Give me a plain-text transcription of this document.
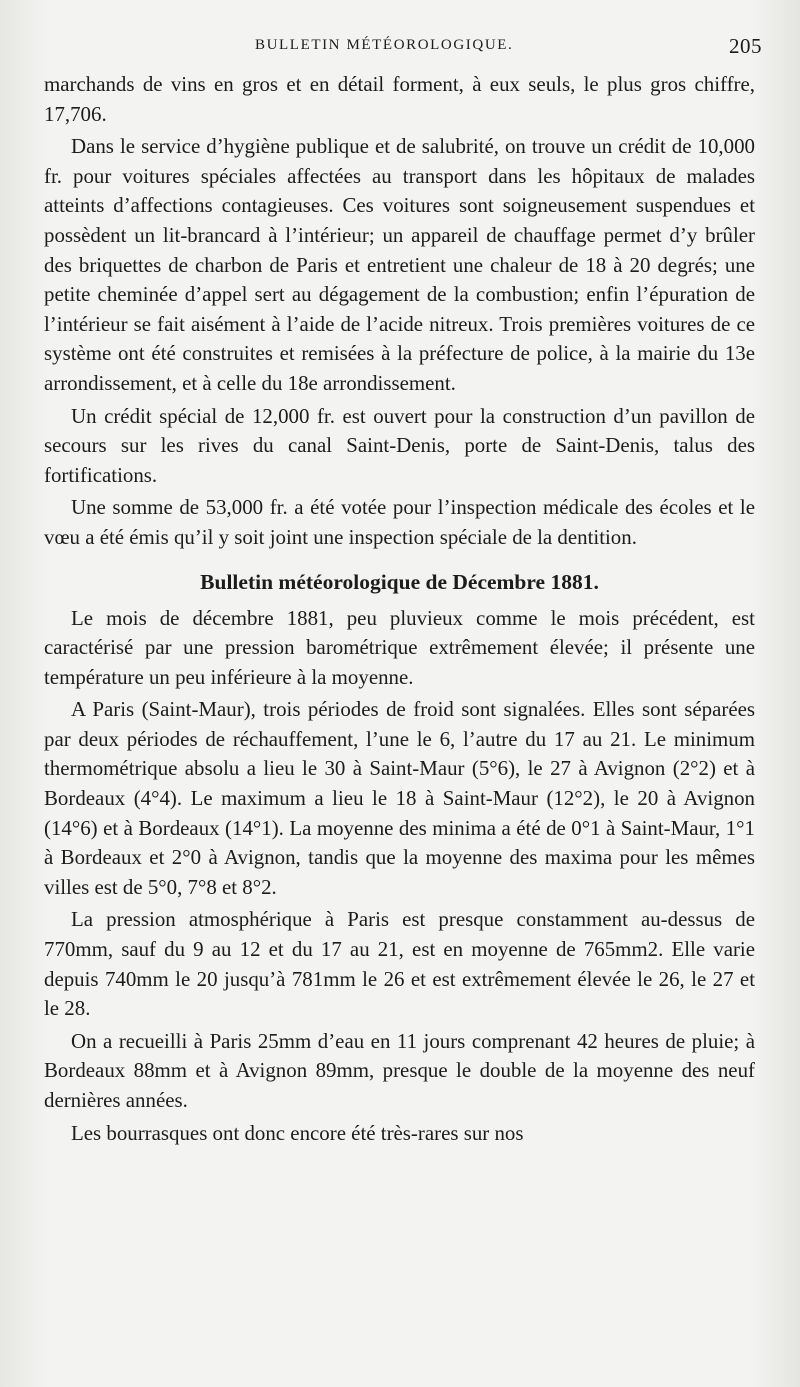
BULLETIN MÉTÉOROLOGIQUE.	205

marchands de vins en gros et en détail forment, à eux seuls, le plus gros chiffre, 17,706.

Dans le service d’hygiène publique et de salubrité, on trouve un crédit de 10,000 fr. pour voitures spéciales affectées au transport dans les hôpitaux de malades atteints d’affections contagieuses. Ces voitures sont soigneusement suspendues et possèdent un lit-brancard à l’intérieur; un appareil de chauffage permet d’y brûler des briquettes de charbon de Paris et entretient une chaleur de 18 à 20 degrés; une petite cheminée d’appel sert au dégagement de la combustion; enfin l’épuration de l’intérieur se fait aisément à l’aide de l’acide nitreux. Trois premières voitures de ce système ont été construites et remisées à la préfecture de police, à la mairie du 13e arrondissement, et à celle du 18e arrondissement.

Un crédit spécial de 12,000 fr. est ouvert pour la construction d’un pavillon de secours sur les rives du canal Saint-Denis, porte de Saint-Denis, talus des fortifications.

Une somme de 53,000 fr. a été votée pour l’inspection médicale des écoles et le vœu a été émis qu’il y soit joint une inspection spéciale de la dentition.

Bulletin météorologique de Décembre 1881.

Le mois de décembre 1881, peu pluvieux comme le mois précédent, est caractérisé par une pression barométrique extrêmement élevée; il présente une température un peu inférieure à la moyenne.

A Paris (Saint-Maur), trois périodes de froid sont signalées. Elles sont séparées par deux périodes de réchauffement, l’une le 6, l’autre du 17 au 21. Le minimum thermométrique absolu a lieu le 30 à Saint-Maur (5°6), le 27 à Avignon (2°2) et à Bordeaux (4°4). Le maximum a lieu le 18 à Saint-Maur (12°2), le 20 à Avignon (14°6) et à Bordeaux (14°1). La moyenne des minima a été de 0°1 à Saint-Maur, 1°1 à Bordeaux et 2°0 à Avignon, tandis que la moyenne des maxima pour les mêmes villes est de 5°0, 7°8 et 8°2.

La pression atmosphérique à Paris est presque constamment au-dessus de 770mm, sauf du 9 au 12 et du 17 au 21, est en moyenne de 765mm2. Elle varie depuis 740mm le 20 jusqu’à 781mm le 26 et est extrêmement élevée le 26, le 27 et le 28.

On a recueilli à Paris 25mm d’eau en 11 jours comprenant 42 heures de pluie; à Bordeaux 88mm et à Avignon 89mm, presque le double de la moyenne des neuf dernières années.

Les bourrasques ont donc encore été très-rares sur nos
